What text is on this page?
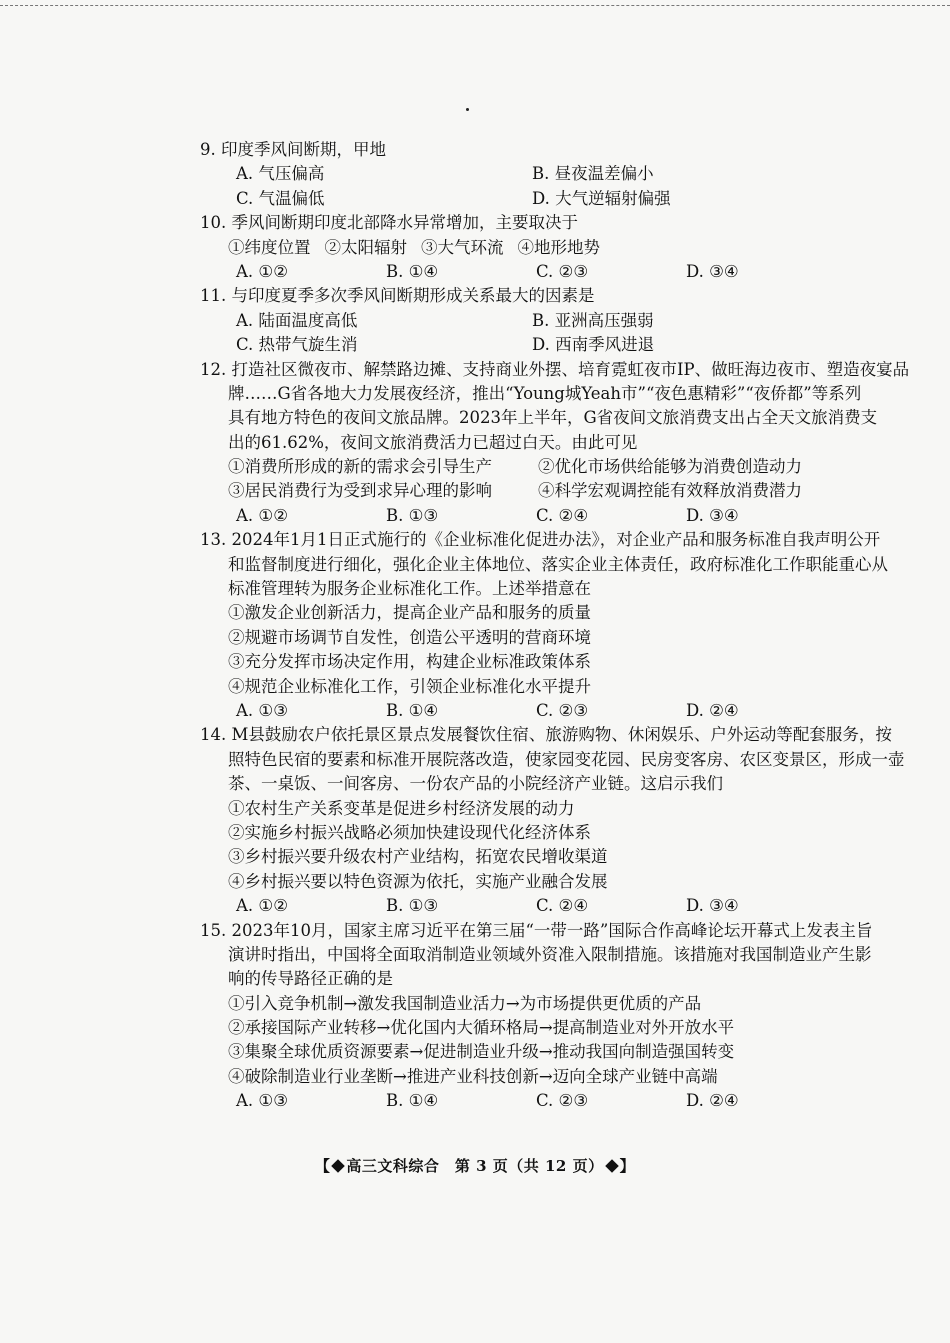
9. 印度季风间断期，甲地
A. 气压偏高	B. 昼夜温差偏小
C. 气温偏低	D. 大气逆辐射偏强
10. 季风间断期印度北部降水异常增加，主要取决于
①纬度位置 ②太阳辐射 ③大气环流 ④地形地势
A. ①②	B. ①④	C. ②③	D. ③④
11. 与印度夏季多次季风间断期形成关系最大的因素是
A. 陆面温度高低	B. 亚洲高压强弱
C. 热带气旋生消	D. 西南季风进退
12. 打造社区微夜市、解禁路边摊、支持商业外摆、培育霓虹夜市IP、做旺海边夜市、塑造夜宴品
牌……G省各地大力发展夜经济，推出“Young城Yeah市”“夜色惠精彩”“夜侨都”等系列
具有地方特色的夜间文旅品牌。2023年上半年，G省夜间文旅消费支出占全天文旅消费支
出的61.62%，夜间文旅消费活力已超过白天。由此可见
①消费所形成的新的需求会引导生产	②优化市场供给能够为消费创造动力
③居民消费行为受到求异心理的影响	④科学宏观调控能有效释放消费潜力
A. ①②	B. ①③	C. ②④	D. ③④
13. 2024年1月1日正式施行的《企业标准化促进办法》，对企业产品和服务标准自我声明公开
和监督制度进行细化，强化企业主体地位、落实企业主体责任，政府标准化工作职能重心从
标准管理转为服务企业标准化工作。上述举措意在
①激发企业创新活力，提高企业产品和服务的质量
②规避市场调节自发性，创造公平透明的营商环境
③充分发挥市场决定作用，构建企业标准政策体系
④规范企业标准化工作，引领企业标准化水平提升
A. ①③	B. ①④	C. ②③	D. ②④
14. M县鼓励农户依托景区景点发展餐饮住宿、旅游购物、休闲娱乐、户外运动等配套服务，按
照特色民宿的要素和标准开展院落改造，使家园变花园、民房变客房、农区变景区，形成一壶
茶、一桌饭、一间客房、一份农产品的小院经济产业链。这启示我们
①农村生产关系变革是促进乡村经济发展的动力
②实施乡村振兴战略必须加快建设现代化经济体系
③乡村振兴要升级农村产业结构，拓宽农民增收渠道
④乡村振兴要以特色资源为依托，实施产业融合发展
A. ①②	B. ①③	C. ②④	D. ③④
15. 2023年10月，国家主席习近平在第三届“一带一路”国际合作高峰论坛开幕式上发表主旨
演讲时指出，中国将全面取消制造业领域外资准入限制措施。该措施对我国制造业产生影
响的传导路径正确的是
①引入竞争机制→激发我国制造业活力→为市场提供更优质的产品
②承接国际产业转移→优化国内大循环格局→提高制造业对外开放水平
③集聚全球优质资源要素→促进制造业升级→推动我国向制造强国转变
④破除制造业行业垄断→推进产业科技创新→迈向全球产业链中高端
A. ①③	B. ①④	C. ②③	D. ②④
【 高三文科综合　第 3 页（共 12 页） 】
